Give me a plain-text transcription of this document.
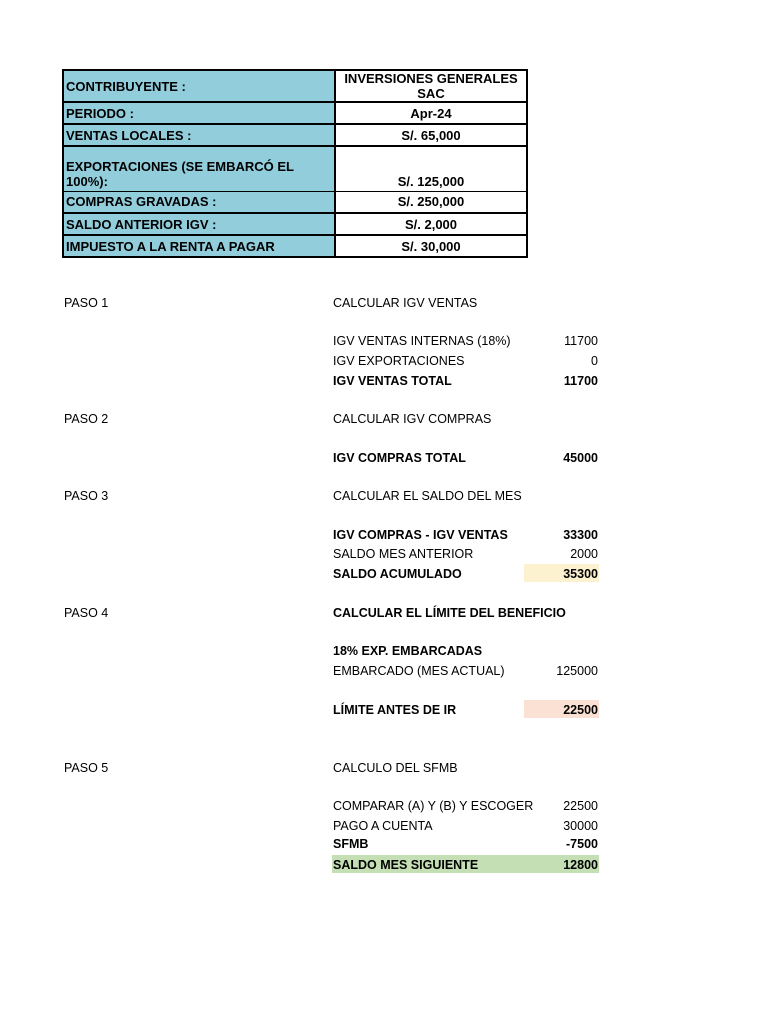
CONTRIBUYENTE :	INVERSIONES GENERALES SAC
PERIODO :	Apr-24
VENTAS LOCALES :	S/. 65,000
EXPORTACIONES (SE EMBARCÓ EL 100%):	S/. 125,000
COMPRAS GRAVADAS :	S/. 250,000
SALDO ANTERIOR IGV :	S/. 2,000
IMPUESTO A LA RENTA A PAGAR	S/. 30,000
PASO 1	CALCULAR IGV VENTAS
IGV VENTAS INTERNAS (18%)	11700
IGV EXPORTACIONES	0
IGV VENTAS TOTAL	11700
PASO 2	CALCULAR IGV COMPRAS
IGV COMPRAS TOTAL	45000
PASO 3	CALCULAR EL SALDO DEL MES
IGV COMPRAS - IGV VENTAS	33300
SALDO MES ANTERIOR	2000
SALDO ACUMULADO	35300
PASO 4	CALCULAR EL LÍMITE DEL BENEFICIO
18% EXP. EMBARCADAS
EMBARCADO (MES ACTUAL)	125000
LÍMITE ANTES DE IR	22500
PASO 5	CALCULO DEL SFMB
COMPARAR (A) Y (B) Y ESCOGER	22500
PAGO A CUENTA	30000
SFMB	-7500
SALDO MES SIGUIENTE	12800
